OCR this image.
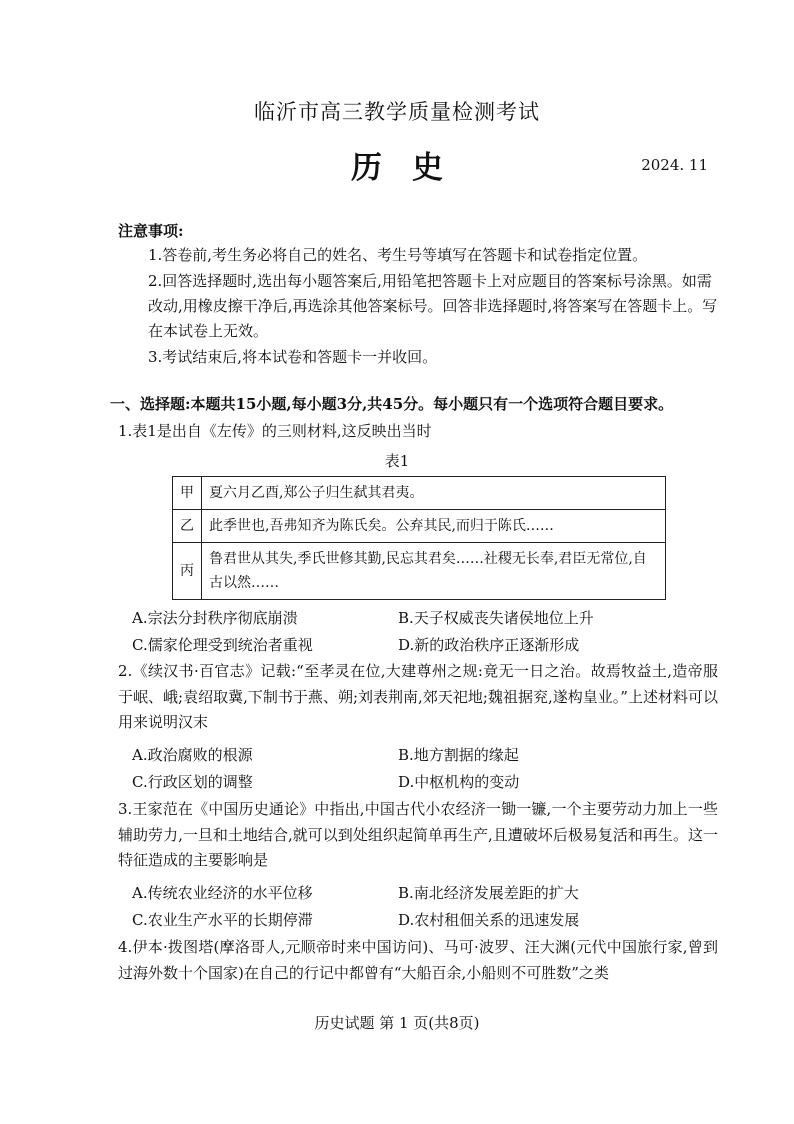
临沂市高三教学质量检测考试
历史	2024. 11
注意事项:
1.答卷前,考生务必将自己的姓名、考生号等填写在答题卡和试卷指定位置。
2.回答选择题时,选出每小题答案后,用铅笔把答题卡上对应题目的答案标号涂黑。如需改动,用橡皮擦干净后,再选涂其他答案标号。回答非选择题时,将答案写在答题卡上。写在本试卷上无效。
3.考试结束后,将本试卷和答题卡一并收回。
一、选择题:本题共15小题,每小题3分,共45分。每小题只有一个选项符合题目要求。
1.表1是出自《左传》的三则材料,这反映出当时
表1
甲	夏六月乙酉,郑公子归生弑其君夷。
乙	此季世也,吾弗知齐为陈氏矣。公弃其民,而归于陈氏……
丙	鲁君世从其失,季氏世修其勤,民忘其君矣……社稷无长奉,君臣无常位,自古以然……
A.宗法分封秩序彻底崩溃	B.天子权威丧失诸侯地位上升
C.儒家伦理受到统治者重视	D.新的政治秩序正逐渐形成
2.《续汉书·百官志》记载:“至孝灵在位,大建尊州之规:竟无一日之治。故焉牧益土,造帝服于岷、峨;袁绍取冀,下制书于燕、朔;刘表荆南,郊天祀地;魏祖据兖,遂构皇业。”上述材料可以用来说明汉末
A.政治腐败的根源	B.地方割据的缘起
C.行政区划的调整	D.中枢机构的变动
3.王家范在《中国历史通论》中指出,中国古代小农经济一锄一镰,一个主要劳动力加上一些辅助劳力,一旦和土地结合,就可以到处组织起简单再生产,且遭破坏后极易复活和再生。这一特征造成的主要影响是
A.传统农业经济的水平位移	B.南北经济发展差距的扩大
C.农业生产水平的长期停滞	D.农村租佃关系的迅速发展
4.伊本·拨图塔(摩洛哥人,元顺帝时来中国访问)、马可·波罗、汪大渊(元代中国旅行家,曾到过海外数十个国家)在自己的行记中都曾有“大船百余,小船则不可胜数”之类
历史试题 第 1 页(共8页)
